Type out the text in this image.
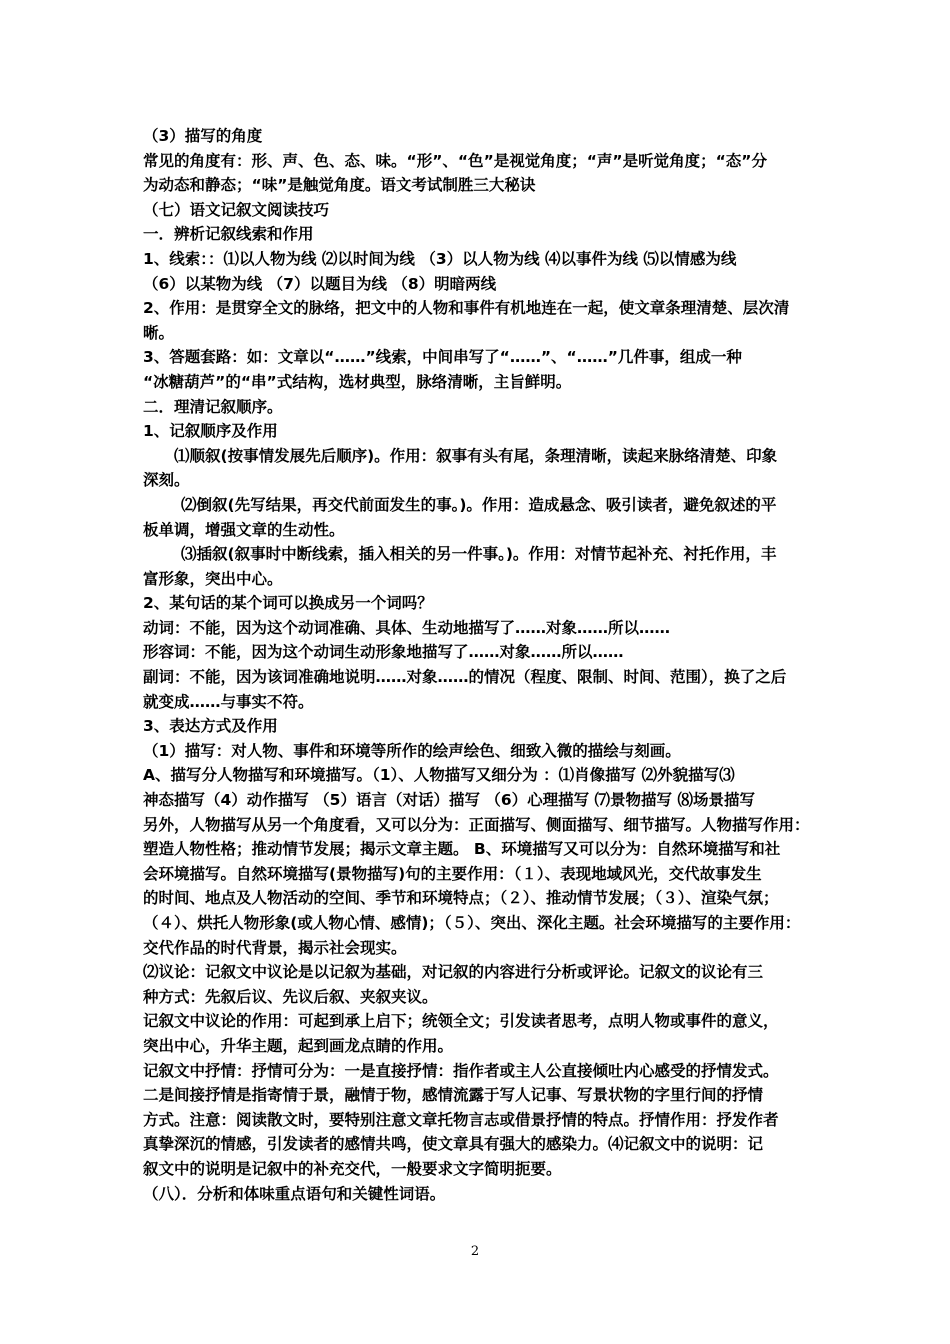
（3）描写的角度
常见的角度有：形、声、色、态、味。“形”、“色”是视觉角度；“声”是听觉角度；“态”分
为动态和静态；“味”是触觉角度。语文考试制胜三大秘诀
（七）语文记叙文阅读技巧
一．辨析记叙线索和作用
1、线索：：⑴以人物为线 ⑵以时间为线 （3）以人物为线 ⑷以事件为线 ⑸以情感为线
（6）以某物为线 （7）以题目为线 （8）明暗两线
2、作用：是贯穿全文的脉络，把文中的人物和事件有机地连在一起，使文章条理清楚、层次清
晰。
3、答题套路：如：文章以“……”线索，中间串写了“……”、“……”几件事，组成一种
“冰糖葫芦”的“串”式结构，选材典型，脉络清晰，主旨鲜明。
二．理清记叙顺序。
1、记叙顺序及作用
⑴顺叙(按事情发展先后顺序)。作用：叙事有头有尾，条理清晰，读起来脉络清楚、印象
深刻。
⑵倒叙(先写结果，再交代前面发生的事。)。作用：造成悬念、吸引读者，避免叙述的平
板单调，增强文章的生动性。
⑶插叙(叙事时中断线索，插入相关的另一件事。)。作用：对情节起补充、衬托作用，丰
富形象，突出中心。
2、某句话的某个词可以换成另一个词吗？
动词：不能，因为这个动词准确、具体、生动地描写了……对象……所以……
形容词：不能，因为这个动词生动形象地描写了……对象……所以……
副词：不能，因为该词准确地说明……对象……的情况（程度、限制、时间、范围），换了之后
就变成……与事实不符。
3、表达方式及作用
（1）描写：对人物、事件和环境等所作的绘声绘色、细致入微的描绘与刻画。
A、描写分人物描写和环境描写。（1）、人物描写又细分为 ：⑴肖像描写 ⑵外貌描写⑶
神态描写（4）动作描写 （5）语言（对话）描写 （6）心理描写 ⑺景物描写 ⑻场景描写
另外，人物描写从另一个角度看，又可以分为：正面描写、侧面描写、细节描写。人物描写作用：
塑造人物性格；推动情节发展；揭示文章主题。 B、环境描写又可以分为：自然环境描写和社
会环境描写。自然环境描写(景物描写)句的主要作用：（１）、表现地域风光，交代故事发生
的时间、地点及人物活动的空间、季节和环境特点；（２）、推动情节发展；（３）、渲染气氛；
（４）、烘托人物形象(或人物心情、感情)；（５）、突出、深化主题。社会环境描写的主要作用：
交代作品的时代背景，揭示社会现实。
⑵议论：记叙文中议论是以记叙为基础，对记叙的内容进行分析或评论。记叙文的议论有三
种方式：先叙后议、先议后叙、夹叙夹议。
记叙文中议论的作用：可起到承上启下；统领全文；引发读者思考，点明人物或事件的意义，
突出中心，升华主题，起到画龙点睛的作用。
记叙文中抒情：抒情可分为：一是直接抒情：指作者或主人公直接倾吐内心感受的抒情发式。
二是间接抒情是指寄情于景，融情于物，感情流露于写人记事、写景状物的字里行间的抒情
方式。注意：阅读散文时，要特别注意文章托物言志或借景抒情的特点。抒情作用：抒发作者
真挚深沉的情感，引发读者的感情共鸣，使文章具有强大的感染力。⑷记叙文中的说明：记
叙文中的说明是记叙中的补充交代，一般要求文字简明扼要。
（八）．分析和体味重点语句和关键性词语。
2
